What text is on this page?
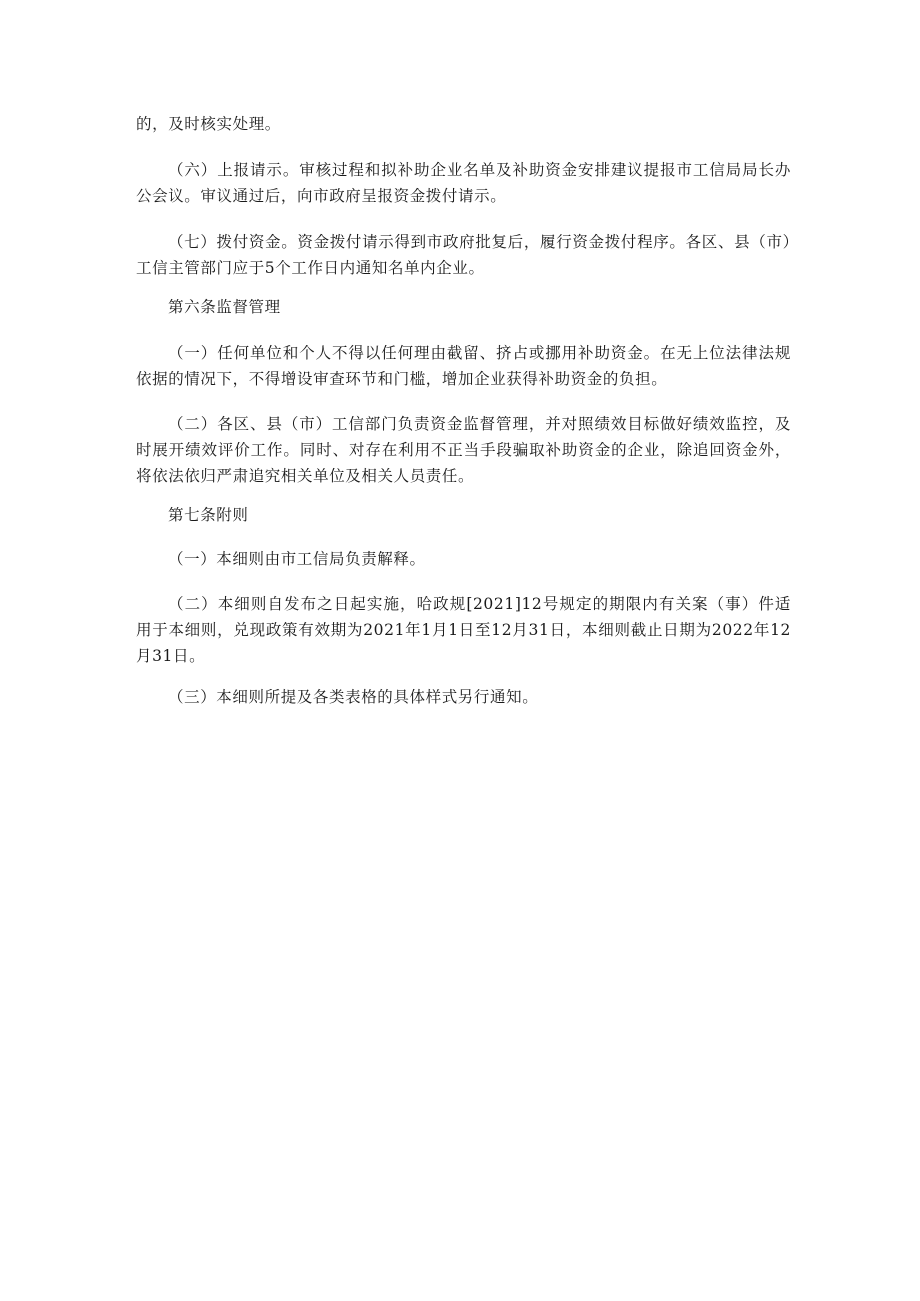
的，及时核实处理。

（六）上报请示。审核过程和拟补助企业名单及补助资金安排建议提报市工信局局长办公会议。审议通过后，向市政府呈报资金拨付请示。

（七）拨付资金。资金拨付请示得到市政府批复后，履行资金拨付程序。各区、县（市）工信主管部门应于5个工作日内通知名单内企业。

第六条监督管理

（一）任何单位和个人不得以任何理由截留、挤占或挪用补助资金。在无上位法律法规依据的情况下，不得增设审查环节和门槛，增加企业获得补助资金的负担。

（二）各区、县（市）工信部门负责资金监督管理，并对照绩效目标做好绩效监控，及时展开绩效评价工作。同时、对存在利用不正当手段骗取补助资金的企业，除追回资金外，将依法依归严肃追究相关单位及相关人员责任。

第七条附则

（一）本细则由市工信局负责解释。

（二）本细则自发布之日起实施，哈政规[2021]12号规定的期限内有关案（事）件适用于本细则，兑现政策有效期为2021年1月1日至12月31日，本细则截止日期为2022年12月31日。

（三）本细则所提及各类表格的具体样式另行通知。
